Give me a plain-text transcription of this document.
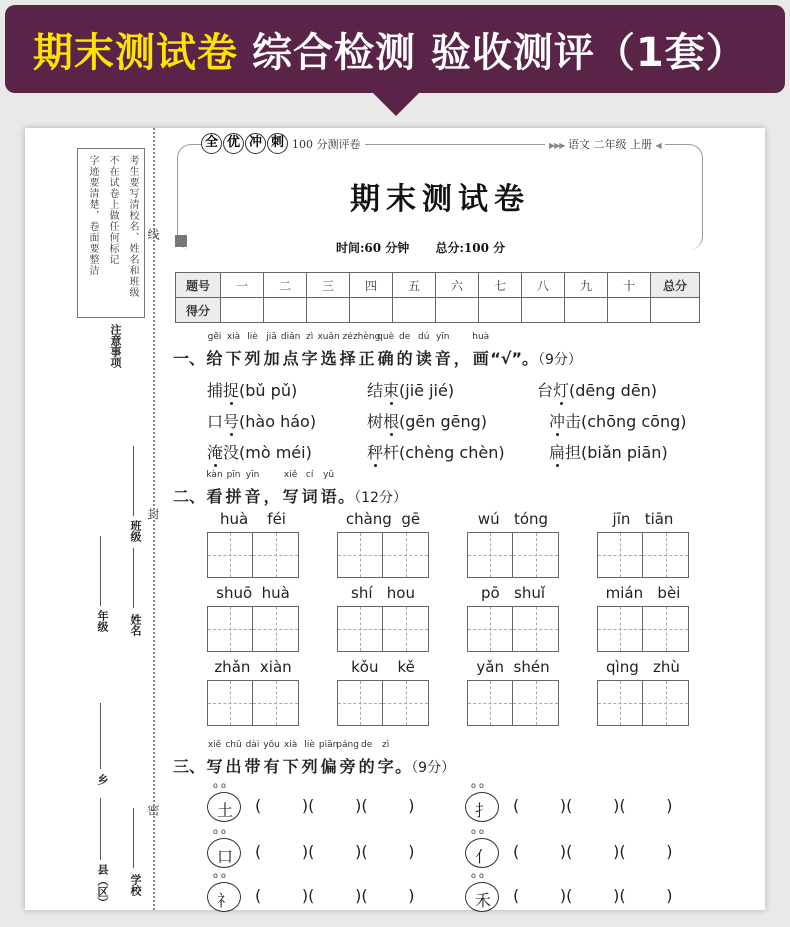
期末测试卷 综合检测 验收测评（1套）
考生要写清校名、姓名和班级
不在试卷上做任何标记
字迹要清楚，卷面要整洁
注意事项
线
封
密
班级
姓名
学校
年级
乡
县（区）
全 优 冲 刺 100 分测评卷	▶▶▶ 语文 二年级 上册 ◀
期末测试卷
时间:60 分钟 总分:100 分
题号	一	二	三	四	五	六	七	八	九	十	总分
得分											
一、给
gěi
下
xià
列
liè
加
jiā
点
diǎn
字
zì
选
xuǎn
择
zé
正
zhèng
确
què
的
de
读
dú
音
yīn
， 画
huà
“√”。（9分）
捕捉(bǔ pǔ)	结束(jiē jié)	台灯(dēng dēn)
口号(hào háo)	树根(gēn gēng)	冲击(chōng cōng)
淹没(mò méi)	秤杆(chèng chèn)	扁担(biǎn piān)
二、看
kàn
拼
pīn
音
yīn
， 写
xiě
词
cí
语
yǔ
。（12分）
huà    féi	chàng  gē	wú   tóng	jīn   tiān
shuō  huà	shí   hou	pō   shuǐ	mián   bèi
zhǎn  xiàn	kǒu    kě	yǎn  shén	qìng   zhù
三、写
xiě
出
chū
带
dài
有
yǒu
下
xià
列
liè
偏
piān
旁
páng
的
de
字
zì
。（9分）
o o
土	(        )(        )(        )
o o
扌	(        )(        )(        )
o o
口	(        )(        )(        )
o o
亻	(        )(        )(        )
o o
礻	(        )(        )(        )
o o
禾	(        )(        )(        )
